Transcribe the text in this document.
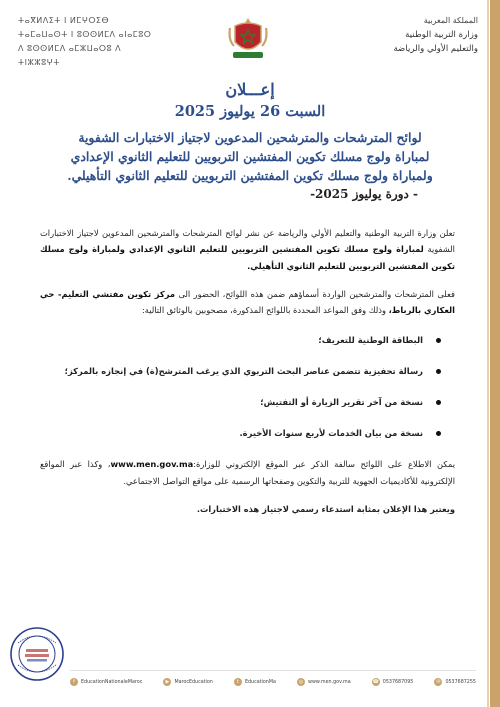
ⵜⴰⴳⵍⴷⵉⵜ ⵏ ⵍⵎⵖⵔⵉⴱ
ⵜⴰⵎⴰⵡⴰⵙⵜ ⵏ ⵓⵙⵙⵍⵎⴷ ⴰⵏⴰⵎⵓⵔ
ⴷ ⵓⵙⵙⵍⵎⴷ ⴰⵎⵣⵡⴰⵔⵓ ⴷ ⵜⵏⵣⵣⵓⵖⵜ
المملكة المغربية
وزارة التربية الوطنية
والتعليم الأولي والرياضة
إعـــلان
السبت 26 يوليوز 2025
لوائح المترشحات والمترشحين المدعوين لاجتياز الاختبارات الشفوية
لمباراة ولوج مسلك تكوين المفتشين التربويين للتعليم الثانوي الإعدادي
ولمباراة ولوج مسلك تكوين المفتشين التربويين للتعليم الثانوي التأهيلي.
- دورة يوليوز 2025-

تعلن وزارة التربية الوطنية والتعليم الأولي والرياضة عن نشر لوائح المترشحات والمترشحين المدعوين لاجتياز الاختبارات الشفوية لمباراة ولوج مسلك تكوين المفتشين التربويين للتعليم الثانوي الإعدادي ولمباراة ولوج مسلك تكوين المفتشين التربويين للتعليم الثانوي التأهيلي.

فعلى المترشحات والمترشحين الواردة أسماؤهم ضمن هذه اللوائح، الحضور الى مركز تكوين مفتشي التعليم- حي العكاري بالرباط، وذلك وفق المواعد المحددة باللوائح المذكورة، مصحوبين بالوثائق التالية:

البطاقة الوطنية للتعريف؛
رسالة تحفيزية تتضمن عناصر البحث التربوي الذي يرغب المترشح(ة) في إنجازه بالمركز؛
نسخة من آخر تقرير الزيارة أو التفتيش؛
نسخة من بيان الخدمات لأربع سنوات الأخيرة.

يمكن الاطلاع على اللوائح سالفة الذكر عبر الموقع الإلكتروني للوزارة:www.men.gov.ma، وكذا عبر المواقع الإلكترونية للأكاديميات الجهوية للتربية والتكوين وصفحاتها الرسمية على مواقع التواصل الاجتماعي.

ويعتبر هذا الإعلان بمثابة استدعاء رسمي لاجتياز هذه الاختبارات.

f	EducationNationaleMaroc	▶	MarocEducation	t	EducationMa	◎	www.men.gov.ma	☎ 0537687095	✉	0537687255
